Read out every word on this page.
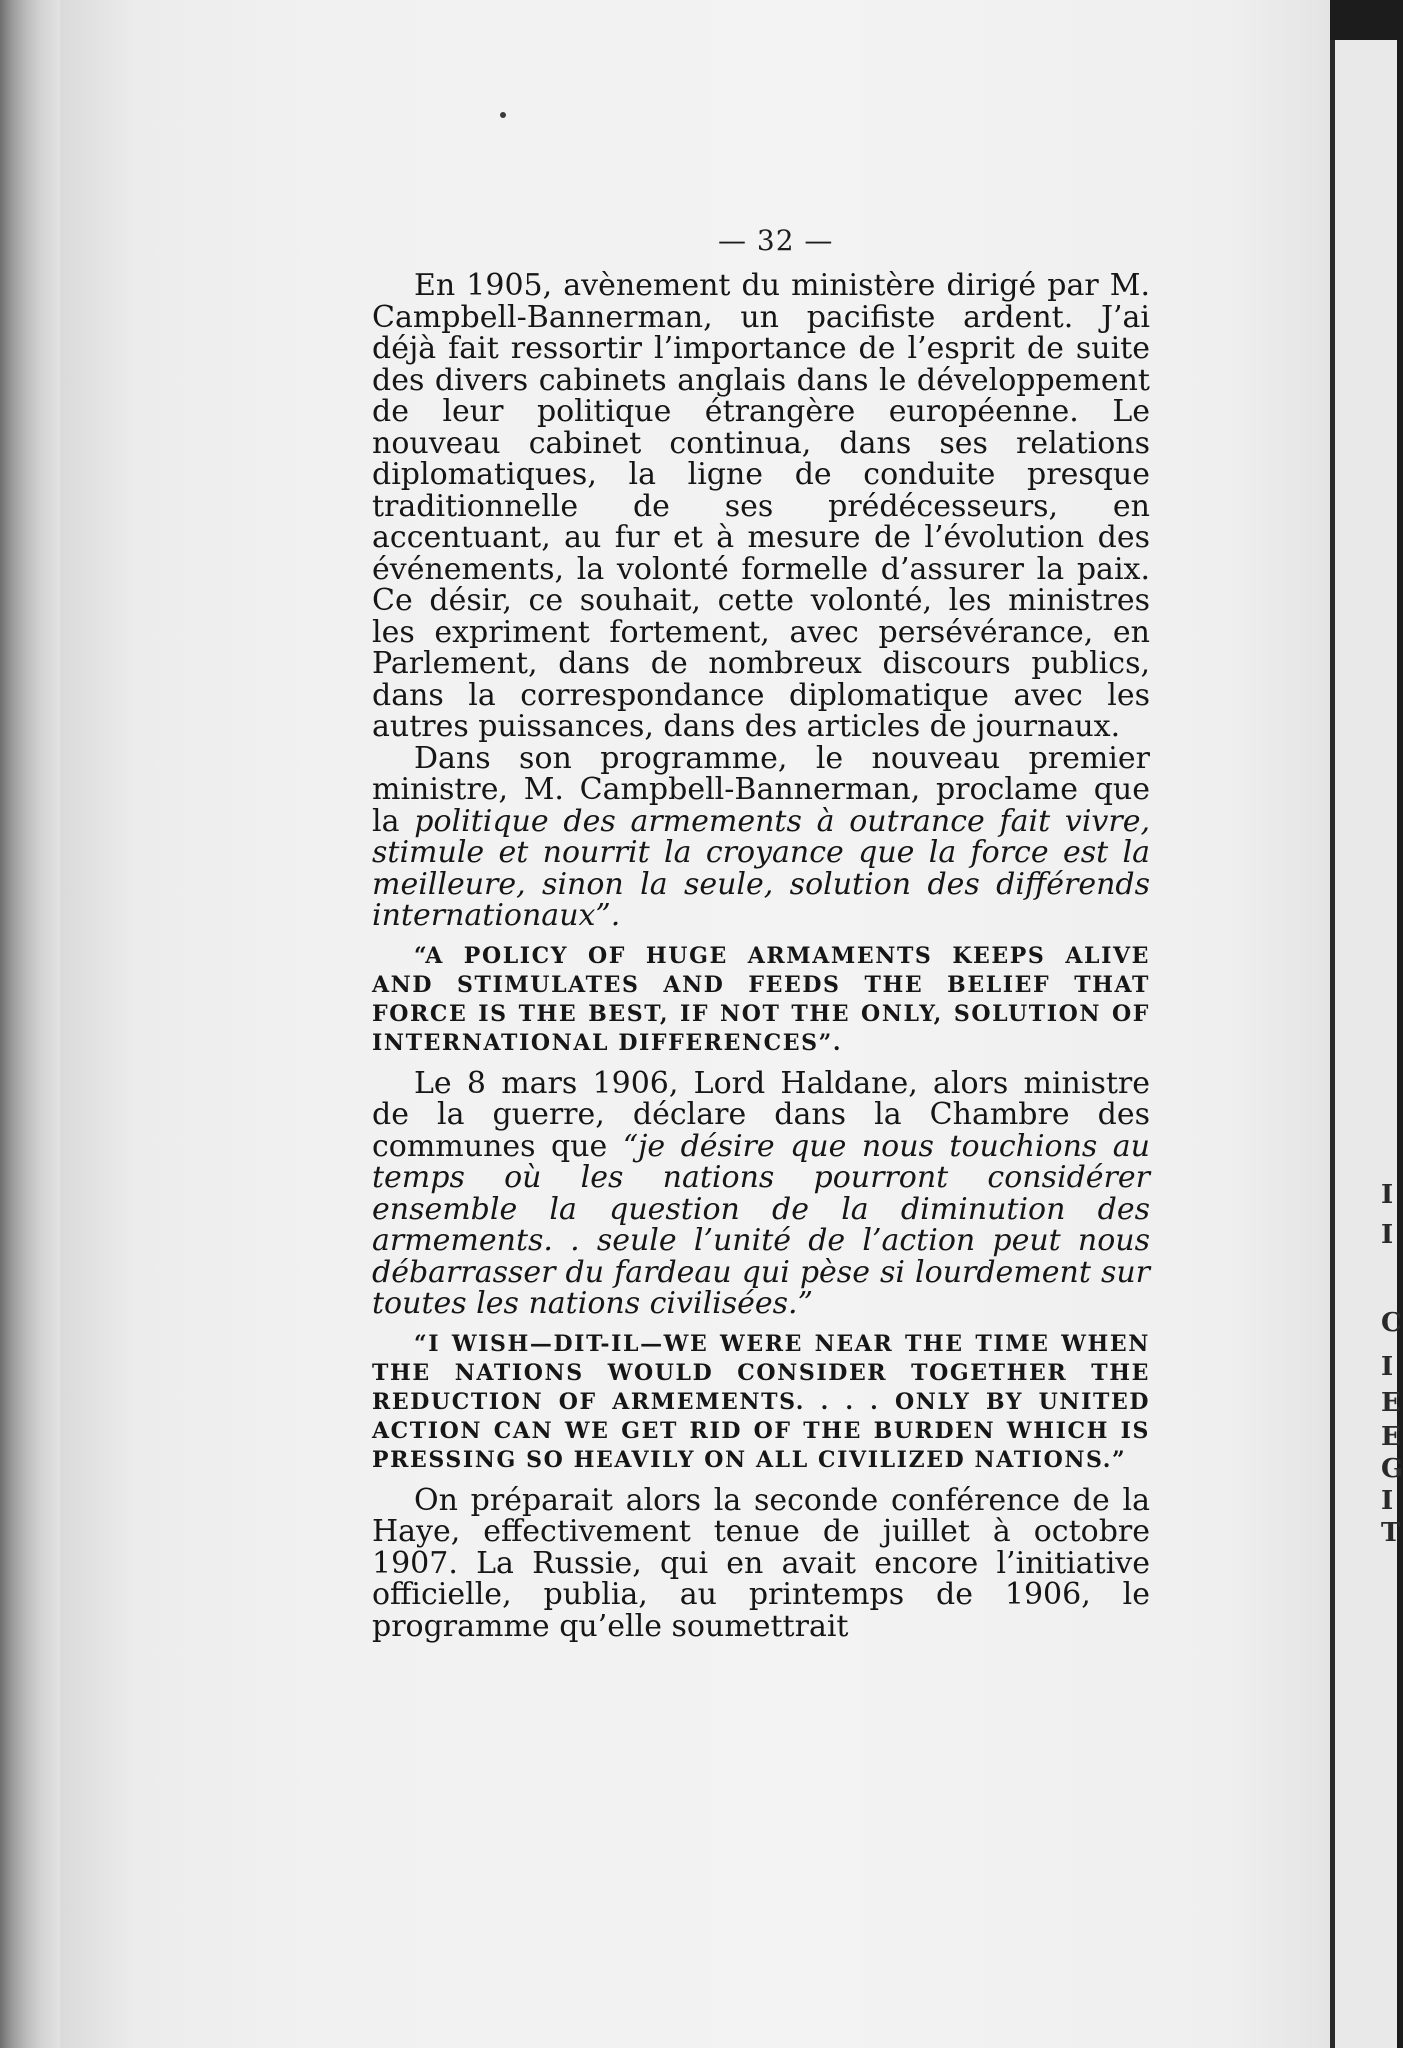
I
I
C
I
E
E
G
I
T
— 32 —

En 1905, avènement du ministère dirigé par M. Campbell-Bannerman, un pacifiste ardent. J’ai déjà fait ressortir l’importance de l’esprit de suite des divers cabinets anglais dans le développement de leur politique étrangère européenne. Le nouveau cabinet continua, dans ses relations diplomatiques, la ligne de conduite presque traditionnelle de ses prédécesseurs, en accentuant, au fur et à mesure de l’évolution des événements, la volonté formelle d’assurer la paix. Ce désir, ce souhait, cette volonté, les ministres les expriment fortement, avec persévérance, en Parlement, dans de nombreux discours publics, dans la correspondance diplomatique avec les autres puissances, dans des articles de journaux.

Dans son programme, le nouveau premier ministre, M. Campbell-Bannerman, proclame que la politique des armements à outrance fait vivre, stimule et nourrit la croyance que la force est la meilleure, sinon la seule, solution des différends internationaux”.

“A POLICY OF HUGE ARMAMENTS KEEPS ALIVE AND STIMULATES AND FEEDS THE BELIEF THAT FORCE IS THE BEST, IF NOT THE ONLY, SOLUTION OF INTERNATIONAL DIFFERENCES”.

Le 8 mars 1906, Lord Haldane, alors ministre de la guerre, déclare dans la Chambre des communes que “je désire que nous touchions au temps où les nations pourront considérer ensemble la question de la diminution des armements. . seule l’unité de l’action peut nous débarrasser du fardeau qui pèse si lourdement sur toutes les nations civilisées.”

“I WISH—DIT-IL—WE WERE NEAR THE TIME WHEN THE NATIONS WOULD CONSIDER TOGETHER THE REDUCTION OF ARMEMENTS. . . . ONLY BY UNITED ACTION CAN WE GET RID OF THE BURDEN WHICH IS PRESSING SO HEAVILY ON ALL CIVILIZED NATIONS.”

On préparait alors la seconde conférence de la Haye, effectivement tenue de juillet à octobre 1907. La Russie, qui en avait encore l’initiative officielle, publia, au printemps de 1906, le programme qu’elle soumettrait
